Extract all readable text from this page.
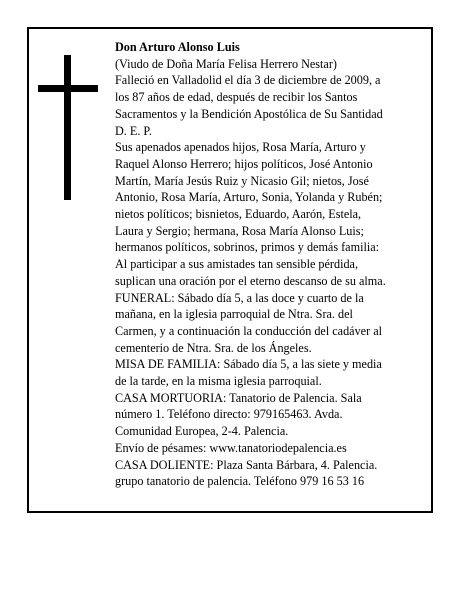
Don Arturo Alonso Luis

(Viudo de Doña María Felisa Herrero Nestar)

Falleció en Valladolid el día 3 de diciembre de 2009, a

los 87 años de edad, después de recibir los Santos

Sacramentos y la Bendición Apostólica de Su Santidad

D. E. P.

Sus apenados apenados hijos, Rosa María, Arturo y

Raquel Alonso Herrero; hijos políticos, José Antonio

Martín, María Jesús Ruiz y Nicasio Gil; nietos, José

Antonio, Rosa María, Arturo, Sonia, Yolanda y Rubén;

nietos políticos; bisnietos, Eduardo, Aarón, Estela,

Laura y Sergio; hermana, Rosa María Alonso Luis;

hermanos políticos, sobrinos, primos y demás familia:

Al participar a sus amistades tan sensible pérdida,

suplican una oración por el eterno descanso de su alma.

FUNERAL: Sábado día 5, a las doce y cuarto de la

mañana, en la iglesia parroquial de Ntra. Sra. del

Carmen, y a continuación la conducción del cadáver al

cementerio de Ntra. Sra. de los Ángeles.

MISA DE FAMILIA: Sábado día 5, a las siete y media

de la tarde, en la misma iglesia parroquial.

CASA MORTUORIA: Tanatorio de Palencia. Sala

número 1. Teléfono directo: 979165463. Avda.

Comunidad Europea, 2-4. Palencia.

Envío de pésames: www.tanatoriodepalencia.es

CASA DOLIENTE: Plaza Santa Bárbara, 4. Palencia.

grupo tanatorio de palencia. Teléfono 979 16 53 16
